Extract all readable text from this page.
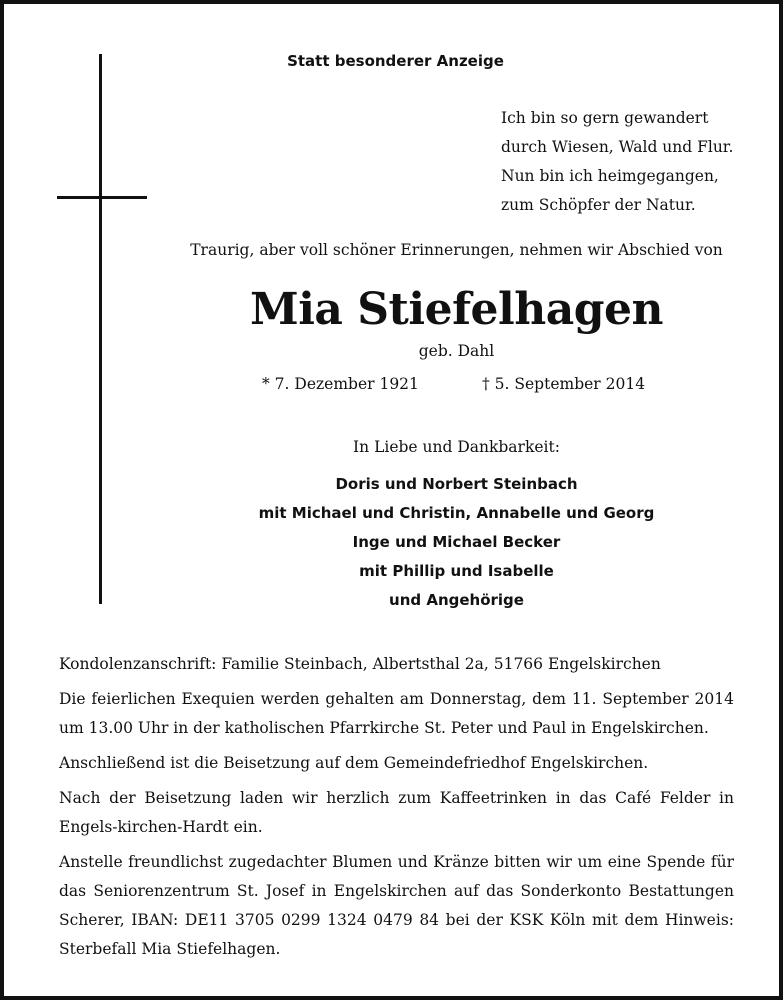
Statt besonderer Anzeige
Ich bin so gern gewandert
durch Wiesen, Wald und Flur.
Nun bin ich heimgegangen,
zum Schöpfer der Natur.
Traurig, aber voll schöner Erinnerungen, nehmen wir Abschied von
Mia Stiefelhagen
geb. Dahl
* 7. Dezember 1921	† 5. September 2014
In Liebe und Dankbarkeit:
Doris und Norbert Steinbach
mit Michael und Christin, Annabelle und Georg
Inge und Michael Becker
mit Phillip und Isabelle
und Angehörige

Kondolenzanschrift: Familie Steinbach, Albertsthal 2a, 51766 Engelskirchen

Die feierlichen Exequien werden gehalten am Donnerstag, dem 11. September 2014 um 13.00 Uhr in der katholischen Pfarrkirche St. Peter und Paul in Engelskirchen.

Anschließend ist die Beisetzung auf dem Gemeindefriedhof Engelskirchen.

Nach der Beisetzung laden wir herzlich zum Kaffeetrinken in das Café Felder in Engels-kirchen-Hardt ein.

Anstelle freundlichst zugedachter Blumen und Kränze bitten wir um eine Spende für das Seniorenzentrum St. Josef in Engelskirchen auf das Sonderkonto Bestattungen Scherer, IBAN: DE11 3705 0299 1324 0479 84 bei der KSK Köln mit dem Hinweis: Sterbefall Mia Stiefelhagen.
